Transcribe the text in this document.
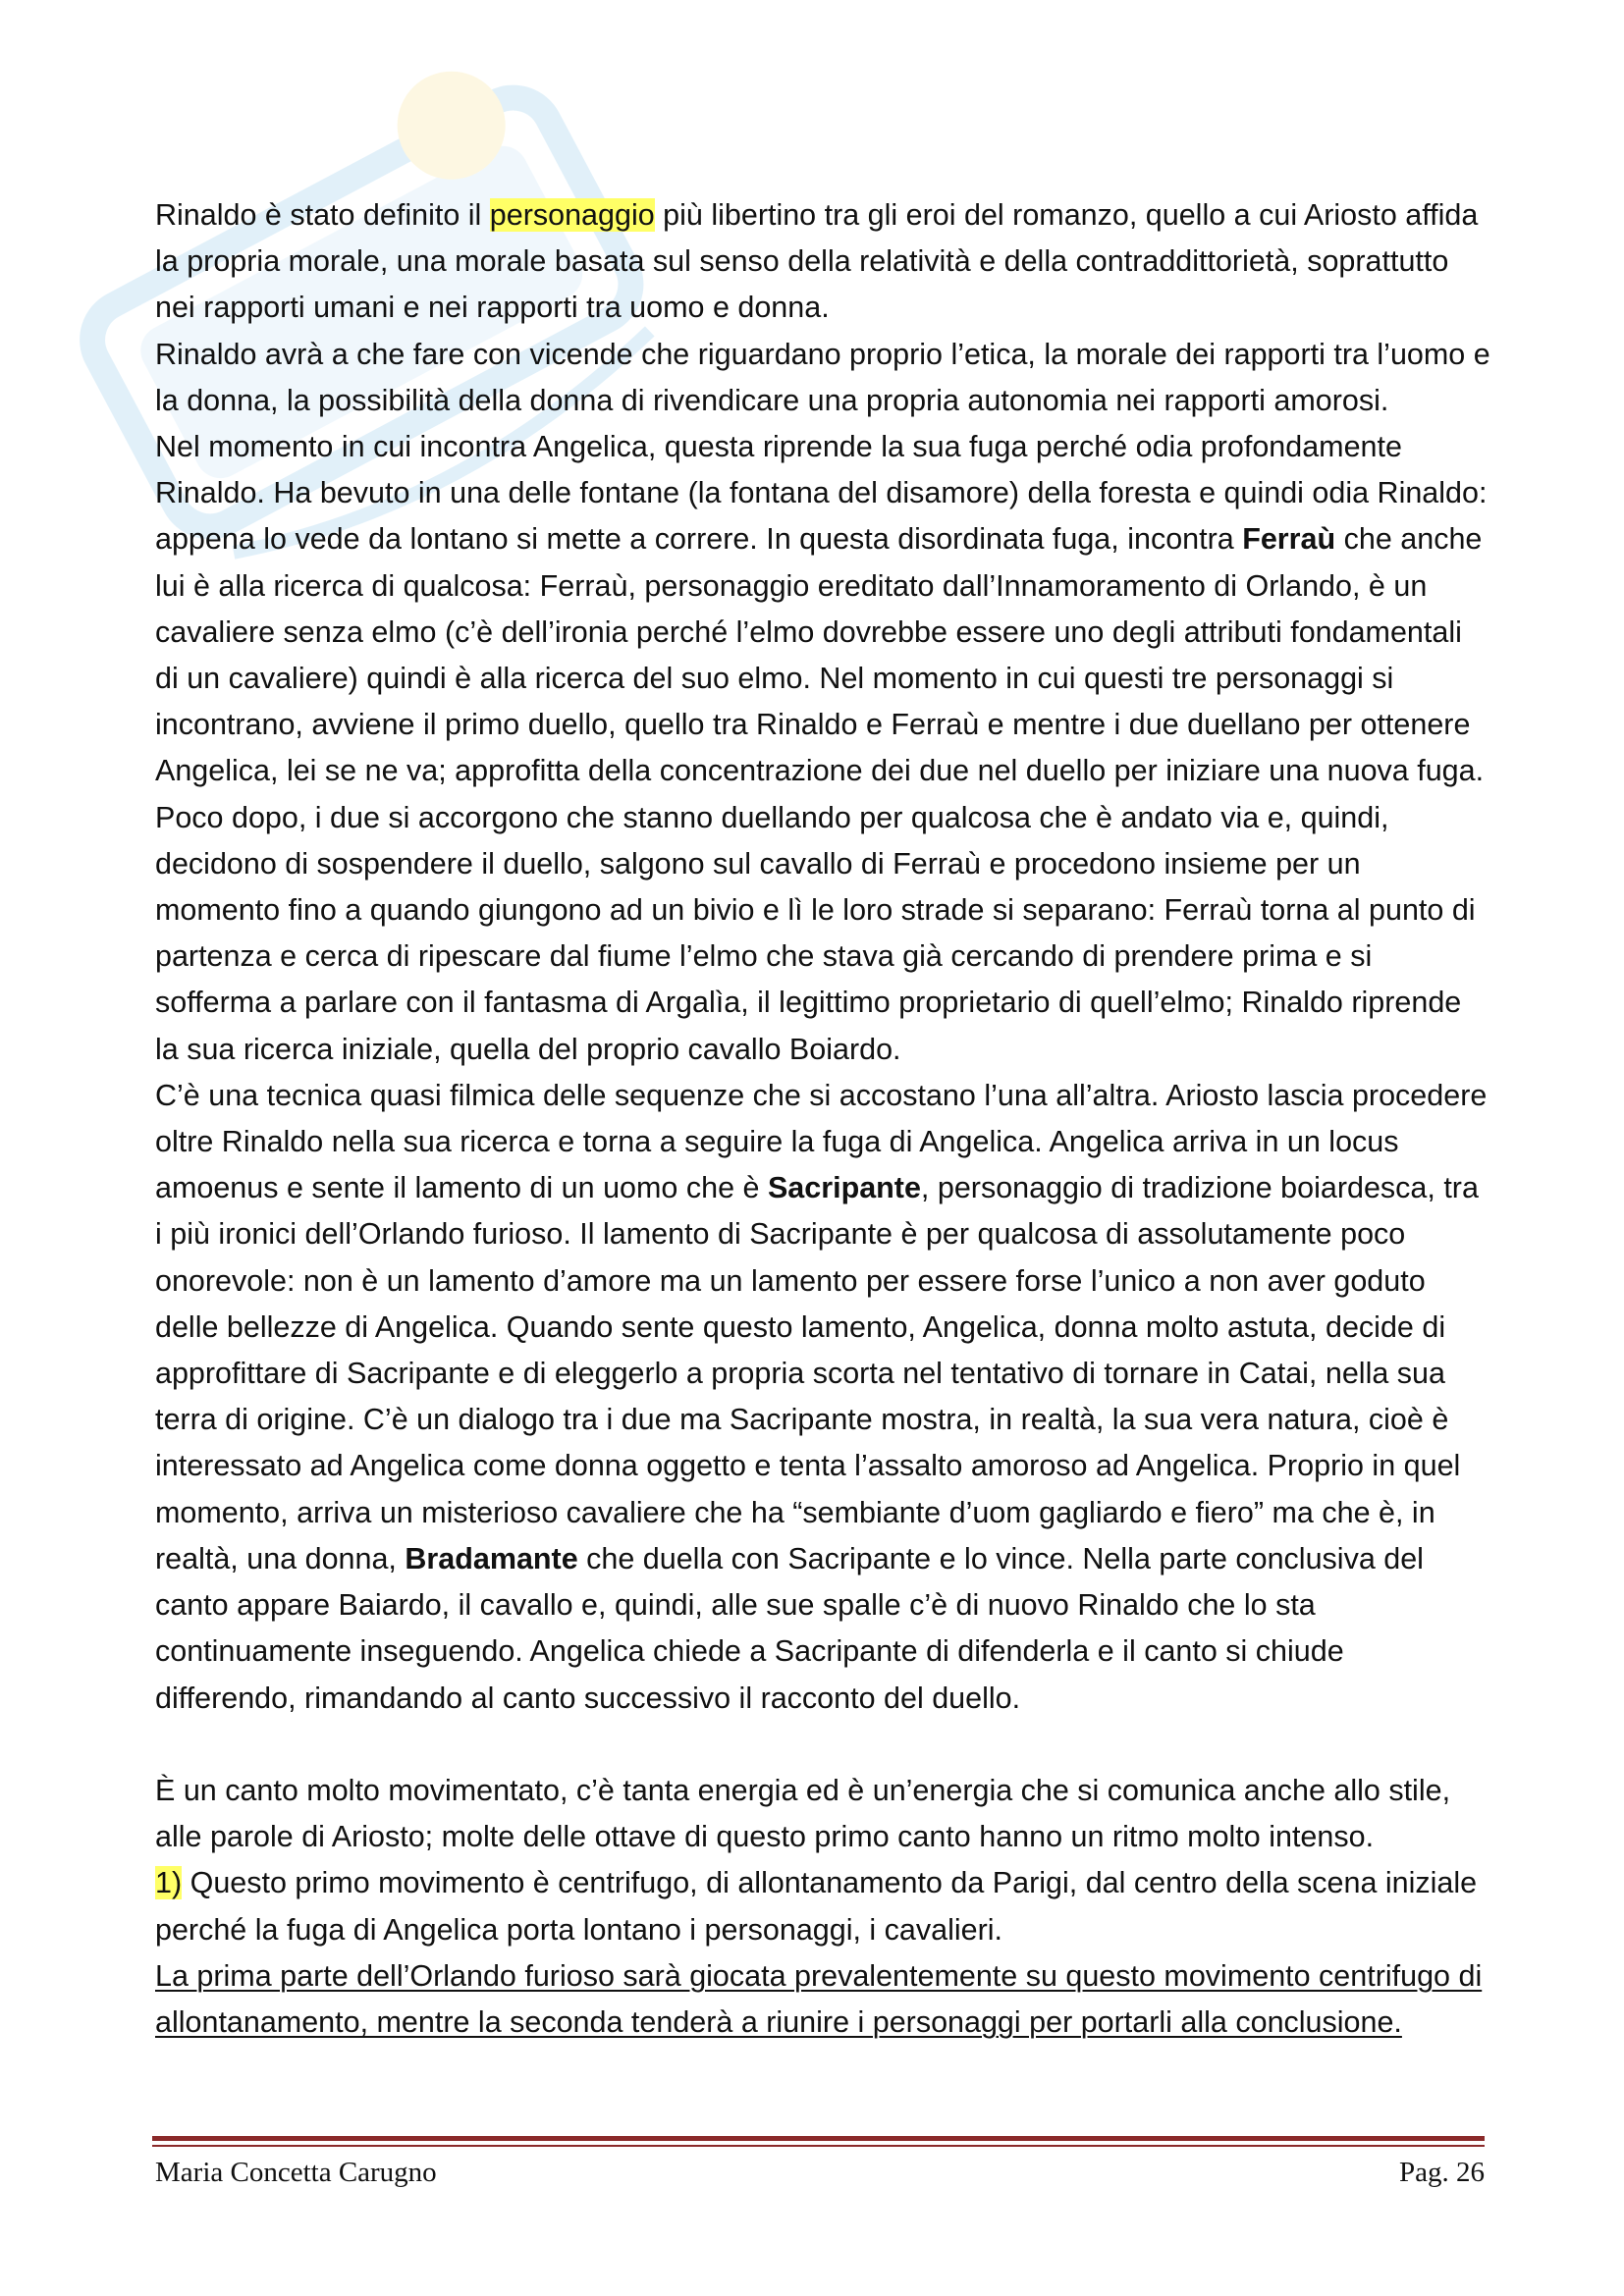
Rinaldo è stato definito il personaggio più libertino tra gli eroi del romanzo, quello a cui Ariosto affida la propria morale, una morale basata sul senso della relatività e della contraddittorietà, soprattutto nei rapporti umani e nei rapporti tra uomo e donna.

Rinaldo avrà a che fare con vicende che riguardano proprio l’etica, la morale dei rapporti tra l’uomo e la donna, la possibilità della donna di rivendicare una propria autonomia nei rapporti amorosi.

Nel momento in cui incontra Angelica, questa riprende la sua fuga perché odia profondamente Rinaldo. Ha bevuto in una delle fontane (la fontana del disamore) della foresta e quindi odia Rinaldo: appena lo vede da lontano si mette a correre. In questa disordinata fuga, incontra Ferraù che anche lui è alla ricerca di qualcosa: Ferraù, personaggio ereditato dall’Innamoramento di Orlando, è un cavaliere senza elmo (c’è dell’ironia perché l’elmo dovrebbe essere uno degli attributi fondamentali di un cavaliere) quindi è alla ricerca del suo elmo. Nel momento in cui questi tre personaggi si incontrano, avviene il primo duello, quello tra Rinaldo e Ferraù e mentre i due duellano per ottenere Angelica, lei se ne va; approfitta della concentrazione dei due nel duello per iniziare una nuova fuga. Poco dopo, i due si accorgono che stanno duellando per qualcosa che è andato via e, quindi, decidono di sospendere il duello, salgono sul cavallo di Ferraù e procedono insieme per un momento fino a quando giungono ad un bivio e lì le loro strade si separano: Ferraù torna al punto di partenza e cerca di ripescare dal fiume l’elmo che stava già cercando di prendere prima e si sofferma a parlare con il fantasma di Argalìa, il legittimo proprietario di quell’elmo; Rinaldo riprende la sua ricerca iniziale, quella del proprio cavallo Boiardo.

C’è una tecnica quasi filmica delle sequenze che si accostano l’una all’altra. Ariosto lascia procedere oltre Rinaldo nella sua ricerca e torna a seguire la fuga di Angelica. Angelica arriva in un locus amoenus e sente il lamento di un uomo che è Sacripante, personaggio di tradizione boiardesca, tra i più ironici dell’Orlando furioso. Il lamento di Sacripante è per qualcosa di assolutamente poco onorevole: non è un lamento d’amore ma un lamento per essere forse l’unico a non aver goduto delle bellezze di Angelica. Quando sente questo lamento, Angelica, donna molto astuta, decide di approfittare di Sacripante e di eleggerlo a propria scorta nel tentativo di tornare in Catai, nella sua terra di origine. C’è un dialogo tra i due ma Sacripante mostra, in realtà, la sua vera natura, cioè è interessato ad Angelica come donna oggetto e tenta l’assalto amoroso ad Angelica. Proprio in quel momento, arriva un misterioso cavaliere che ha “sembiante d’uom gagliardo e fiero” ma che è, in realtà, una donna, Bradamante che duella con Sacripante e lo vince. Nella parte conclusiva del canto appare Baiardo, il cavallo e, quindi, alle sue spalle c’è di nuovo Rinaldo che lo sta continuamente inseguendo. Angelica chiede a Sacripante di difenderla e il canto si chiude differendo, rimandando al canto successivo il racconto del duello.

È un canto molto movimentato, c’è tanta energia ed è un’energia che si comunica anche allo stile, alle parole di Ariosto; molte delle ottave di questo primo canto hanno un ritmo molto intenso.

1) Questo primo movimento è centrifugo, di allontanamento da Parigi, dal centro della scena iniziale perché la fuga di Angelica porta lontano i personaggi, i cavalieri.

La prima parte dell’Orlando furioso sarà giocata prevalentemente su questo movimento centrifugo di allontanamento, mentre la seconda tenderà a riunire i personaggi per portarli alla conclusione.

Maria Concetta Carugno	Pag. 26
